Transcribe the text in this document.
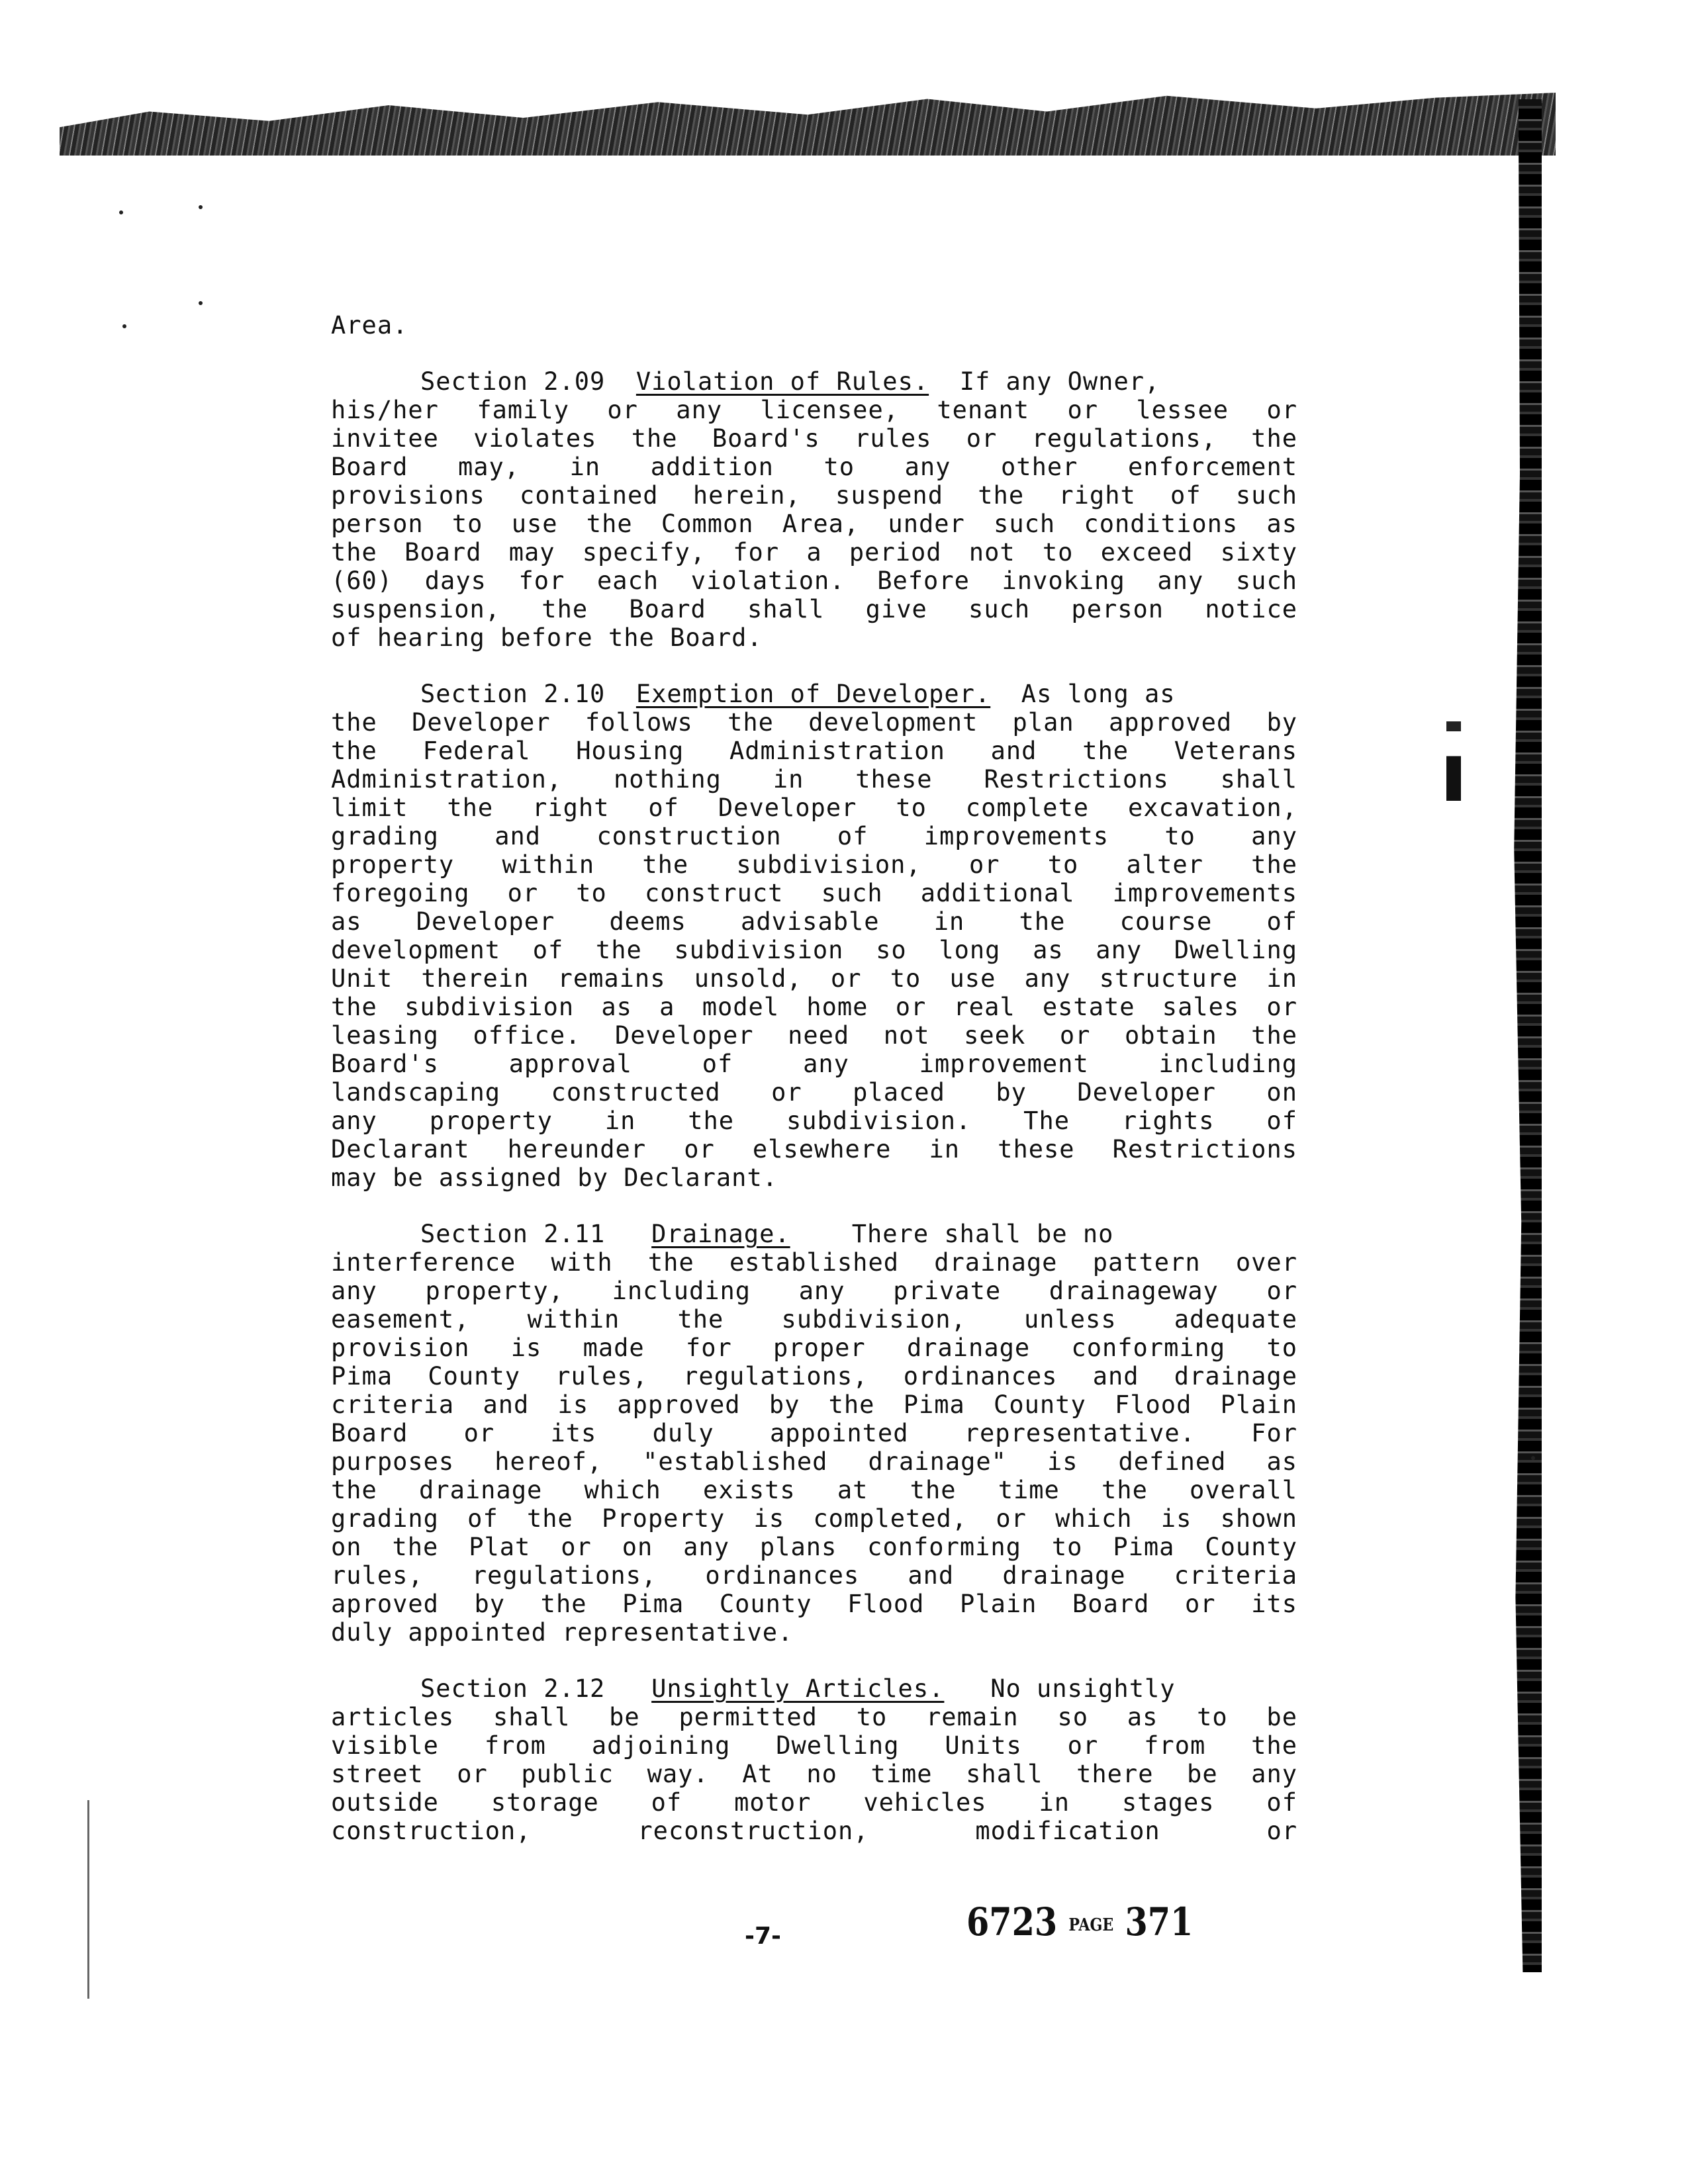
Area.
Section 2.09 Violation of Rules. If any Owner,
his/her family or any licensee, tenant or lessee or
invitee violates the Board's rules or regulations, the
Board may, in addition to any other enforcement
provisions contained herein, suspend the right of such
person to use the Common Area, under such conditions as
the Board may specify, for a period not to exceed sixty
(60) days for each violation. Before invoking any such
suspension, the Board shall give such person notice
of hearing before the Board.
Section 2.10 Exemption of Developer. As long as
the Developer follows the development plan approved by
the Federal Housing Administration and the Veterans
Administration, nothing in these Restrictions shall
limit the right of Developer to complete excavation,
grading and construction of improvements to any
property within the subdivision, or to alter the
foregoing or to construct such additional improvements
as Developer deems advisable in the course of
development of the subdivision so long as any Dwelling
Unit therein remains unsold, or to use any structure in
the subdivision as a model home or real estate sales or
leasing office. Developer need not seek or obtain the
Board's approval of any improvement including
landscaping constructed or placed by Developer on
any property in the subdivision. The rights of
Declarant hereunder or elsewhere in these Restrictions
may be assigned by Declarant.
Section 2.11 Drainage.	There shall be no
interference with the established drainage pattern over
any property, including any private drainageway or
easement, within the subdivision, unless adequate
provision is made for proper drainage conforming to
Pima County rules, regulations, ordinances and drainage
criteria and is approved by the Pima County Flood Plain
Board or its duly appointed representative. For
purposes hereof, "established drainage" is defined as
the drainage which exists at the time the overall
grading of the Property is completed, or which is shown
on the Plat or on any plans conforming to Pima County
rules, regulations, ordinances and drainage criteria
aproved by the Pima County Flood Plain Board or its
duly appointed representative.
Section 2.12 Unsightly Articles. No unsightly
articles shall be permitted to remain so as to be
visible from adjoining Dwelling Units or from the
street or public way. At no time shall there be any
outside storage of motor vehicles in stages of
construction, reconstruction, modification or
-7-	6723 PAGE 371
